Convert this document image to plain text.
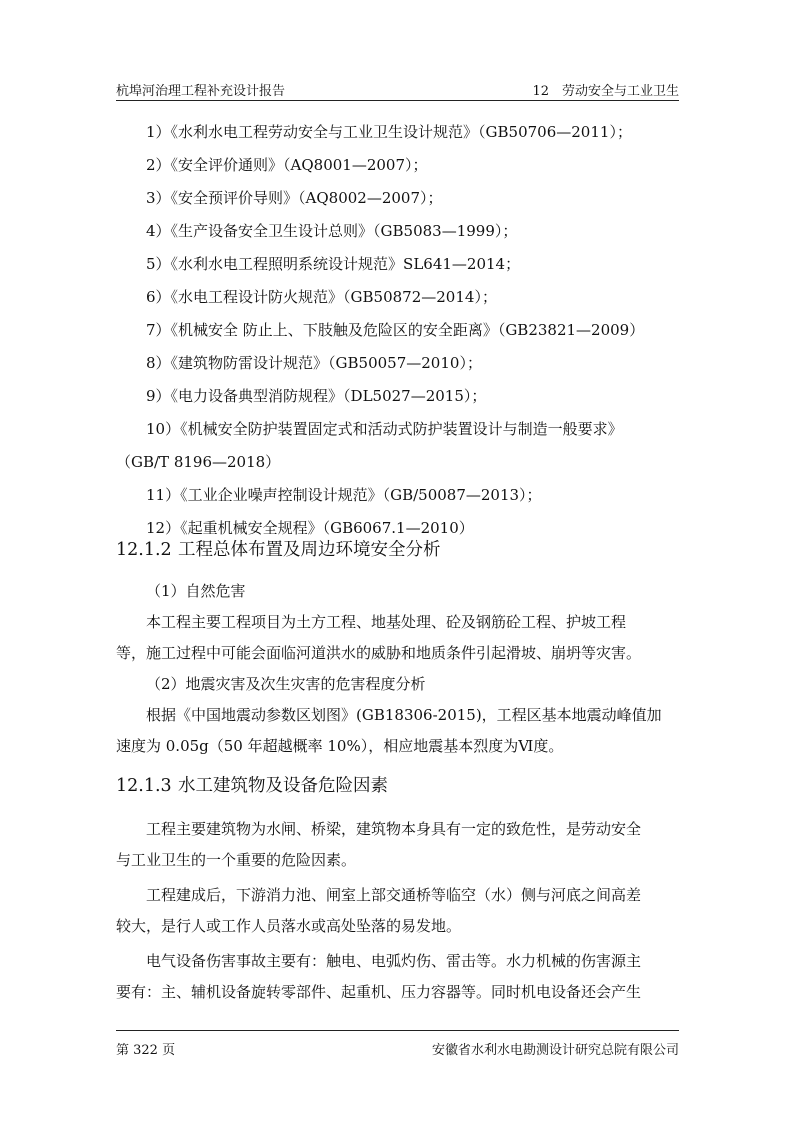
杭埠河治理工程补充设计报告	12　劳动安全与工业卫生
1）《水利水电工程劳动安全与工业卫生设计规范》（GB50706—2011）；
2）《安全评价通则》（AQ8001—2007）；
3）《安全预评价导则》（AQ8002—2007）；
4）《生产设备安全卫生设计总则》（GB5083—1999）；
5）《水利水电工程照明系统设计规范》SL641—2014；
6）《水电工程设计防火规范》（GB50872—2014）；
7）《机械安全 防止上、下肢触及危险区的安全距离》（GB23821—2009）
8）《建筑物防雷设计规范》（GB50057—2010）；
9）《电力设备典型消防规程》（DL5027—2015）；
10）《机械安全防护装置固定式和活动式防护装置设计与制造一般要求》
（GB/T 8196—2018）
11）《工业企业噪声控制设计规范》（GB/50087—2013）；
12）《起重机械安全规程》（GB6067.1—2010）
12.1.2 工程总体布置及周边环境安全分析
（1）自然危害
本工程主要工程项目为土方工程、地基处理、砼及钢筋砼工程、护坡工程
等，施工过程中可能会面临河道洪水的威胁和地质条件引起滑坡、崩坍等灾害。
（2）地震灾害及次生灾害的危害程度分析
根据《中国地震动参数区划图》(GB18306-2015)，工程区基本地震动峰值加
速度为 0.05g（50 年超越概率 10%），相应地震基本烈度为Ⅵ度。
12.1.3 水工建筑物及设备危险因素
工程主要建筑物为水闸、桥梁，建筑物本身具有一定的致危性，是劳动安全
与工业卫生的一个重要的危险因素。
工程建成后，下游消力池、闸室上部交通桥等临空（水）侧与河底之间高差
较大，是行人或工作人员落水或高处坠落的易发地。
电气设备伤害事故主要有：触电、电弧灼伤、雷击等。水力机械的伤害源主
要有：主、辅机设备旋转零部件、起重机、压力容器等。同时机电设备还会产生
第 322 页	安徽省水利水电勘测设计研究总院有限公司
